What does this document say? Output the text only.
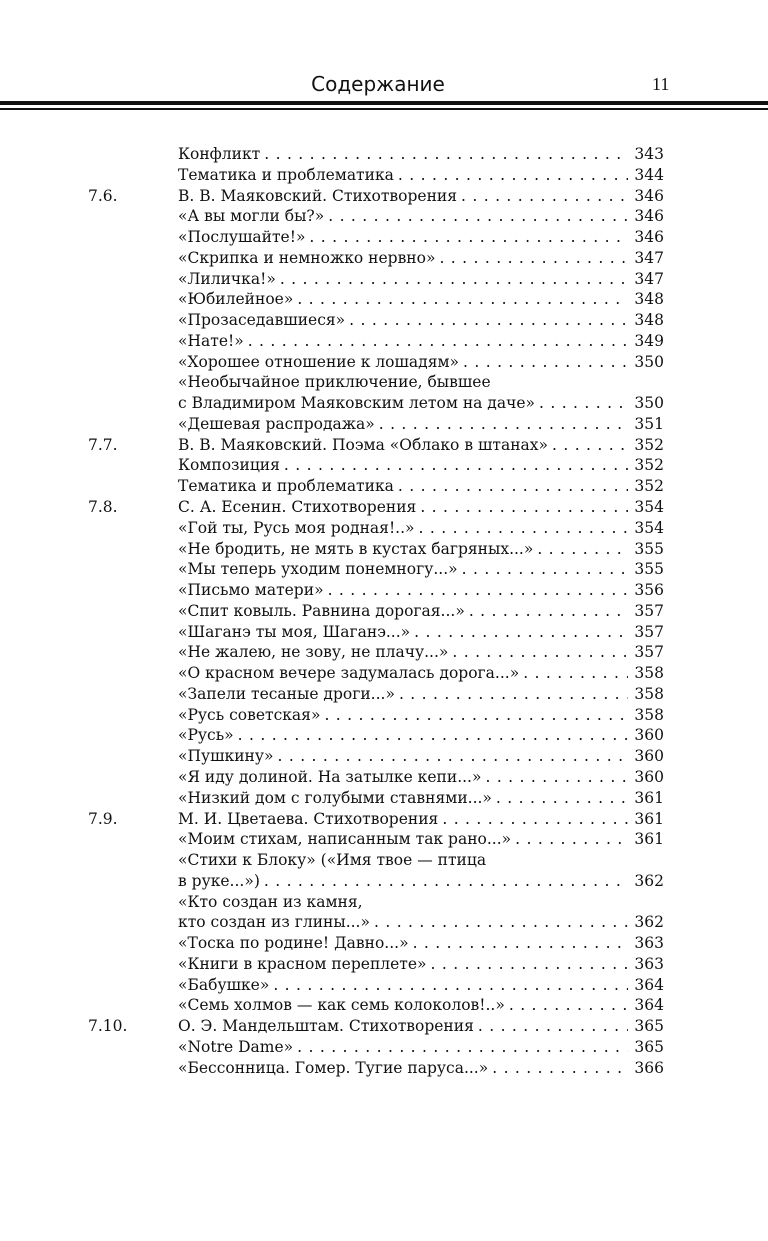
Содержание	11
Конфликт . . .	343
Тематика и проблематика . . .	344
7.6.	В. В. Маяковский. Стихотворения . . .	346
«А вы могли бы?» . . .	346
«Послушайте!» . . .	346
«Скрипка и немножко нервно» . . .	347
«Лиличка!» . . .	347
«Юбилейное» . . .	348
«Прозаседавшиеся» . . .	348
«Нате!» . . .	349
«Хорошее отношение к лошадям» . . .	350
«Необычайное приключение, бывшее
с Владимиром Маяковским летом на даче» . . .	350
«Дешевая распродажа» . . .	351
7.7.	В. В. Маяковский. Поэма «Облако в штанах» . . .	352
Композиция . . .	352
Тематика и проблематика . . .	352
7.8.	С. А. Есенин. Стихотворения . . .	354
«Гой ты, Русь моя родная!..» . . .	354
«Не бродить, не мять в кустах багряных...» . . .	355
«Мы теперь уходим понемногу...» . . .	355
«Письмо матери» . . .	356
«Спит ковыль. Равнина дорогая...» . . .	357
«Шаганэ ты моя, Шаганэ...» . . .	357
«Не жалею, не зову, не плачу...» . . .	357
«О красном вечере задумалась дорога...» . . .	358
«Запели тесаные дроги...» . . .	358
«Русь советская» . . .	358
«Русь» . . .	360
«Пушкину» . . .	360
«Я иду долиной. На затылке кепи...» . . .	360
«Низкий дом с голубыми ставнями...» . . .	361
7.9.	М. И. Цветаева. Стихотворения . . .	361
«Моим стихам, написанным так рано...» . . .	361
«Стихи к Блоку» («Имя твое — птица
в руке...») . . .	362
«Кто создан из камня,
кто создан из глины...» . . .	362
«Тоска по родине! Давно...» . . .	363
«Книги в красном переплете» . . .	363
«Бабушке» . . .	364
«Семь холмов — как семь колоколов!..» . . .	364
7.10.	О. Э. Мандельштам. Стихотворения . . .	365
«Notre Dame» . . .	365
«Бессонница. Гомер. Тугие паруса...» . . .	366
